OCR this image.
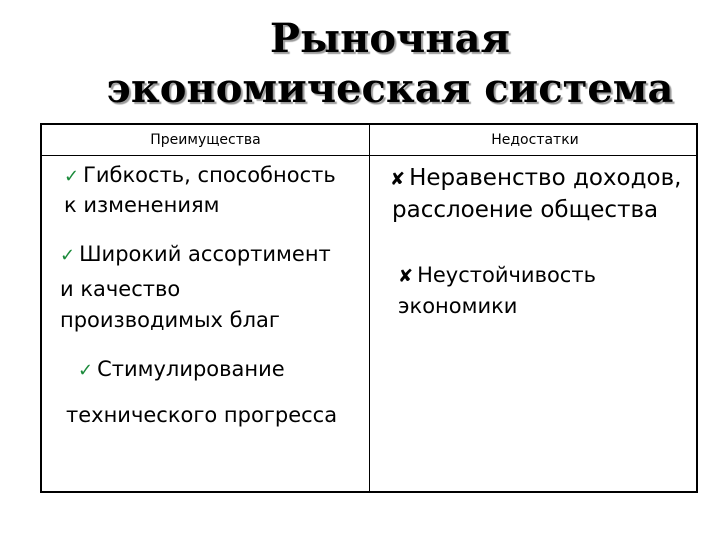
Рыночная
экономическая система
Преимущества	Недостатки
✓ Гибкость, способность
к изменениям
✓ Широкий ассортимент
и качество
производимых благ
✓ Стимулирование
технического прогресса
✘ Неравенство доходов,
расслоение общества
✘ Неустойчивость
экономики
